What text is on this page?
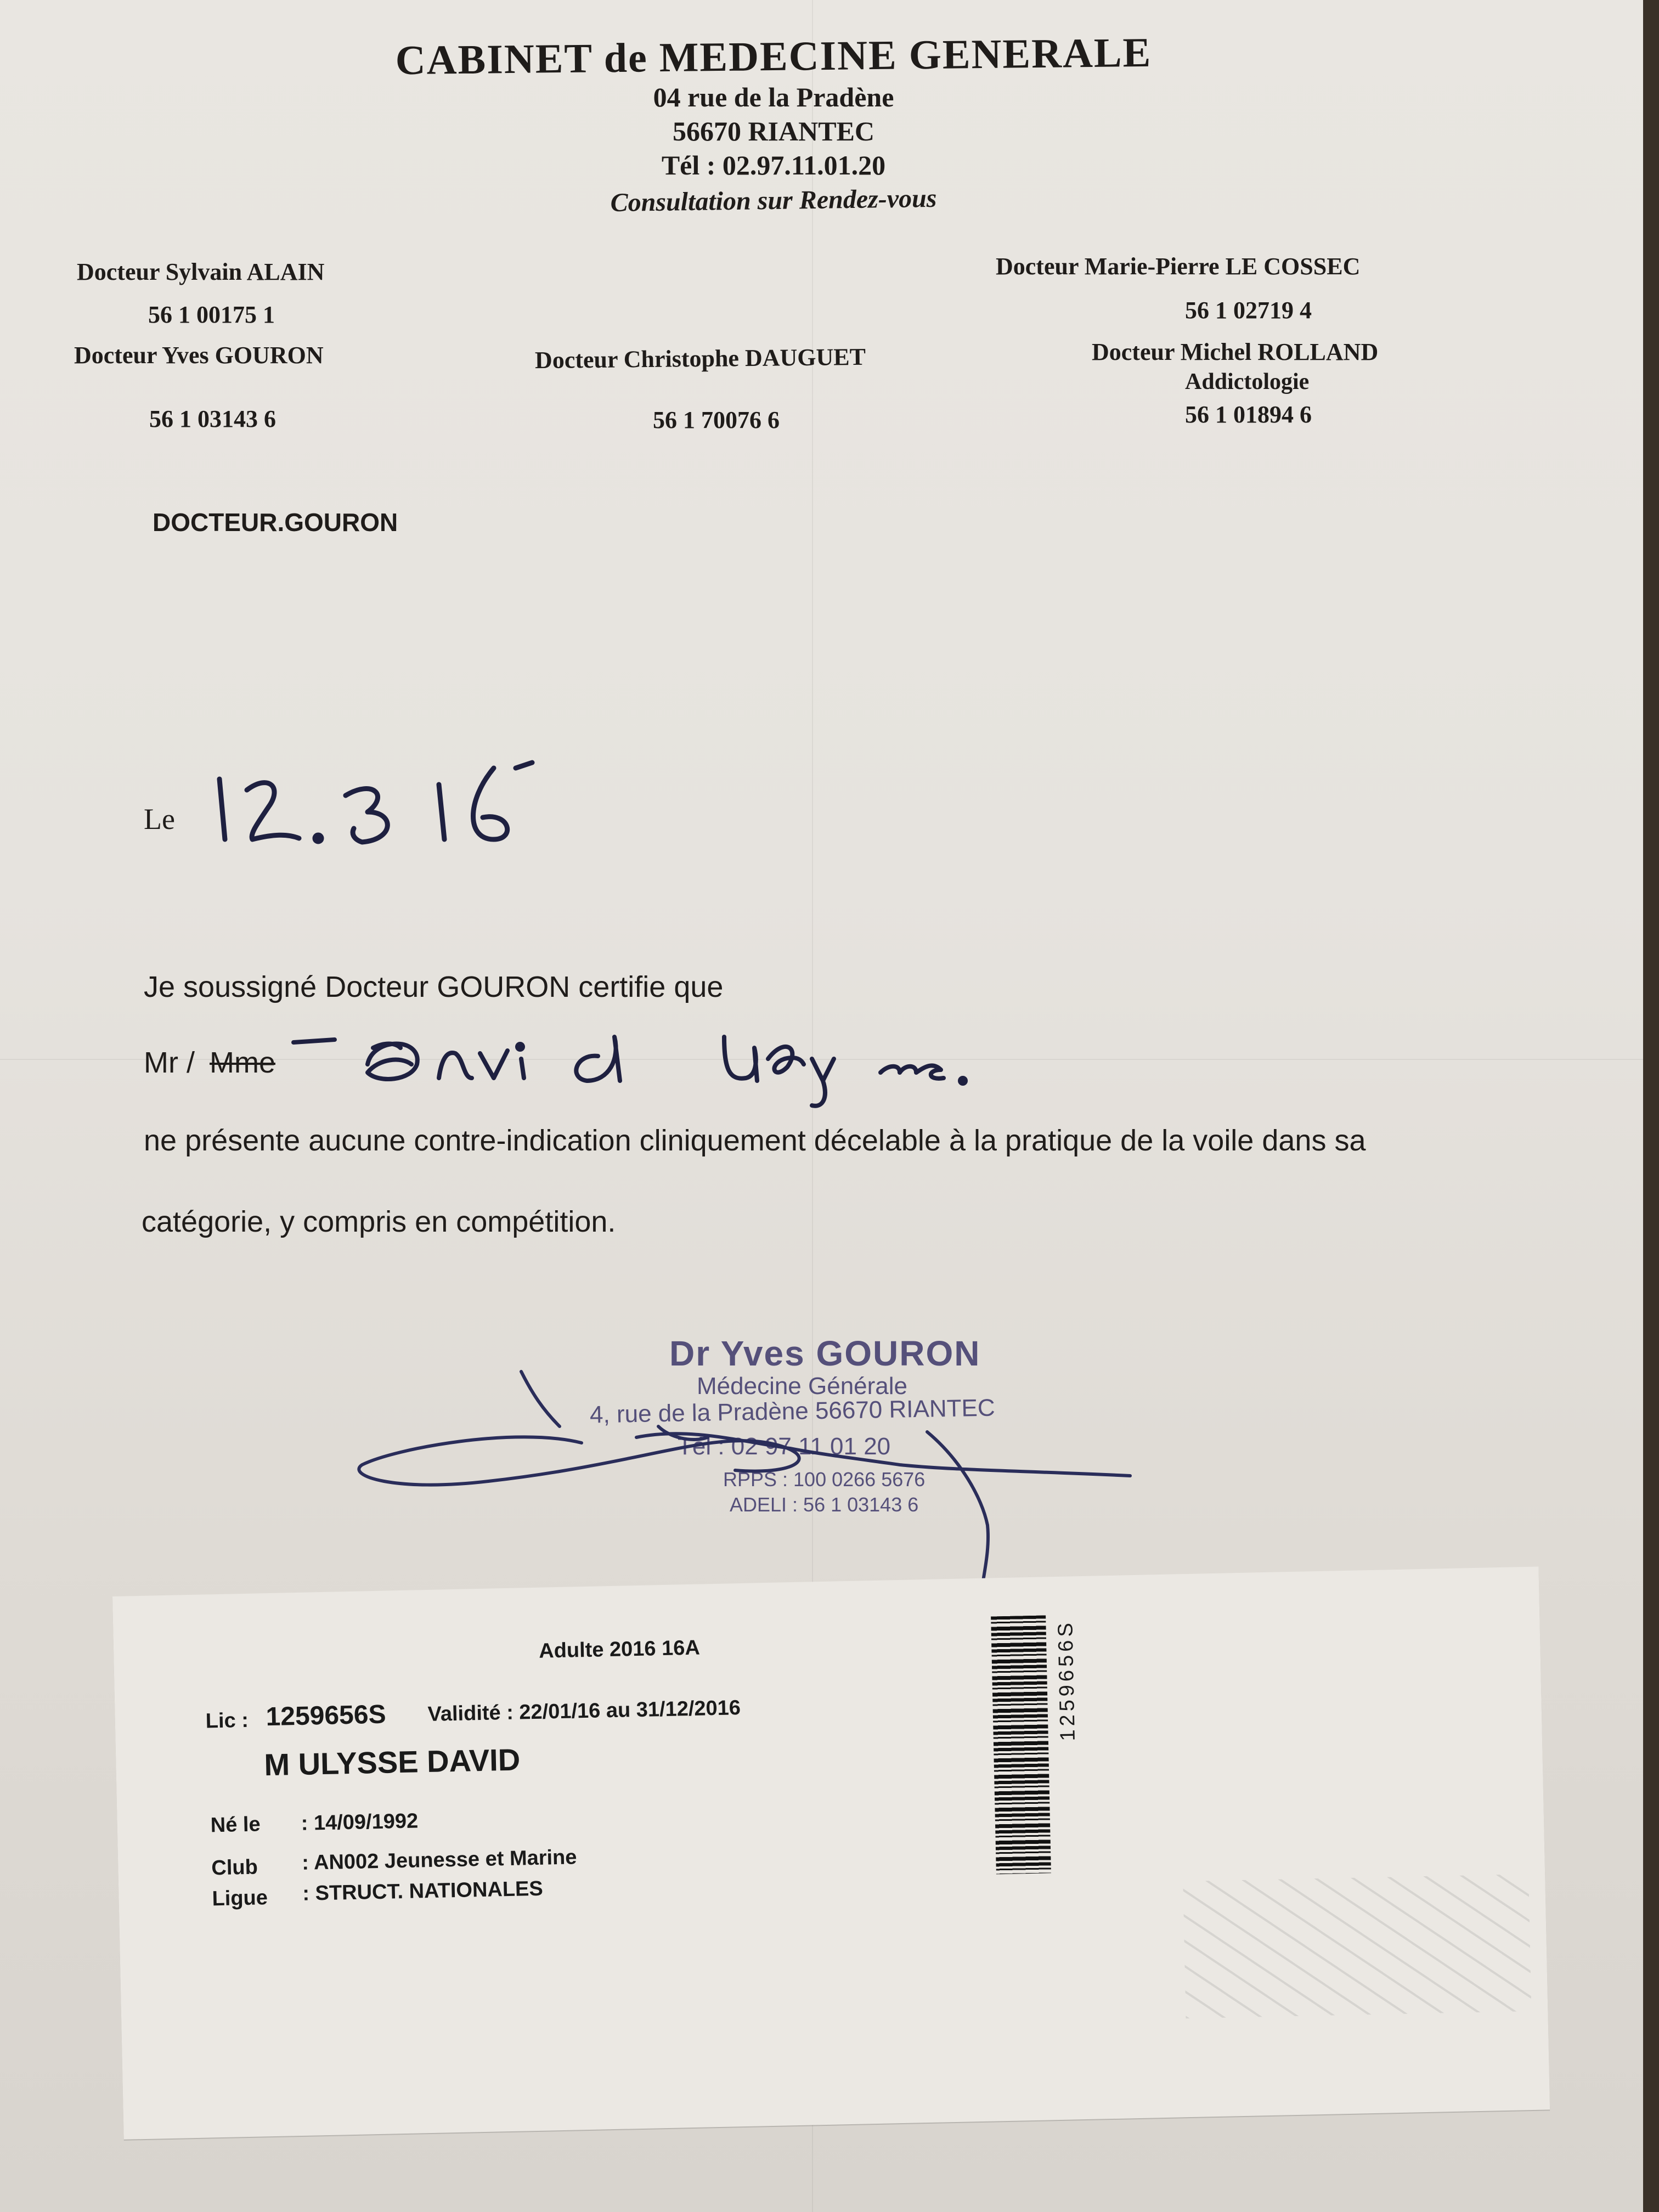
CABINET de MEDECINE GENERALE
04 rue de la Pradène
56670 RIANTEC
Tél : 02.97.11.01.20
Consultation sur Rendez-vous
Docteur Sylvain ALAIN
56 1 00175 1
Docteur Yves GOURON
56 1 03143 6
Docteur Christophe DAUGUET
56 1 70076 6
Docteur Marie-Pierre LE COSSEC
56 1 02719 4
Docteur Michel ROLLAND
Addictologie
56 1 01894 6
DOCTEUR.GOURON
Le
Je soussigné Docteur GOURON certifie que
Mr / Mme
ne présente aucune contre-indication cliniquement décelable à la pratique de la voile dans sa
catégorie, y compris en compétition.
Dr Yves GOURON
Médecine Générale
4, rue de la Pradène 56670 RIANTEC
Tél : 02 97 11 01 20
RPPS : 100 0266 5676
ADELI : 56 1 03143 6
Adulte 2016 16A
Lic : 1259656S Validité : 22/01/16 au 31/12/2016
M ULYSSE DAVID
Né le : 14/09/1992
Club : AN002 Jeunesse et Marine
Ligue : STRUCT. NATIONALES
1259656S
